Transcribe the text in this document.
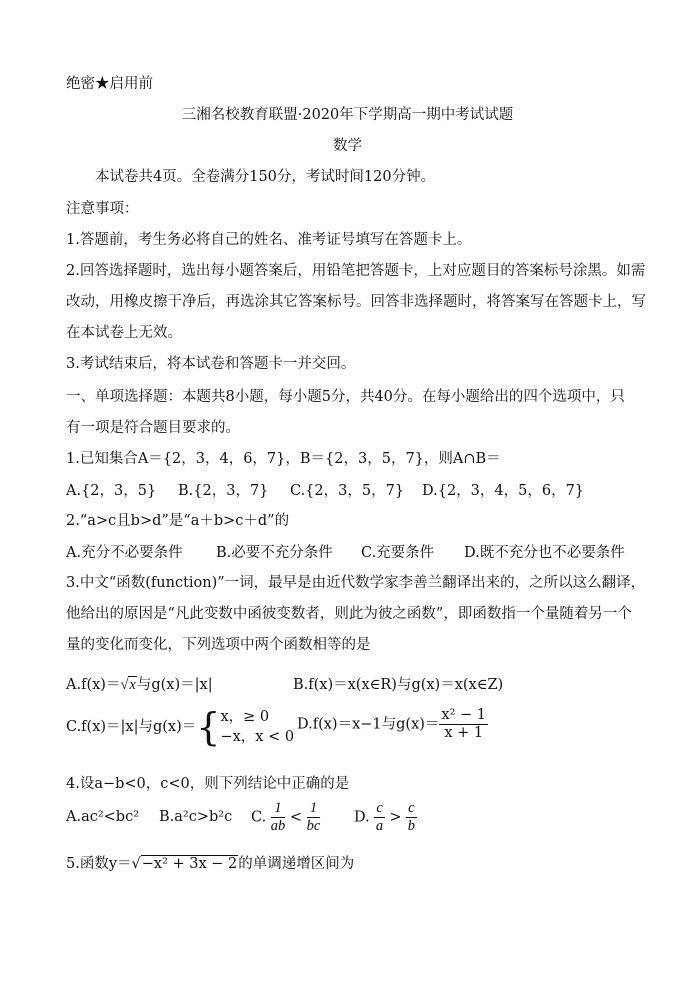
绝密★启用前
三湘名校教育联盟·2020年下学期高一期中考试试题
数学
本试卷共4页。全卷满分150分，考试时间120分钟。
注意事项：
1.答题前，考生务必将自己的姓名、准考证号填写在答题卡上。
2.回答选择题时，选出每小题答案后，用铅笔把答题卡，上对应题目的答案标号涂黑。如需
改动，用橡皮擦干净后，再选涂其它答案标号。回答非选择题时，将答案写在答题卡上，写
在本试卷上无效。
3.考试结束后，将本试卷和答题卡一并交回。
一、单项选择题：本题共8小题，每小题5分，共40分。在每小题给出的四个选项中，只
有一项是符合题目要求的。
1.已知集合A＝{2，3，4，6，7}，B＝{2，3，5，7}，则A∩B＝
A.{2，3，5} B.{2，3，7} C.{2，3，5，7} D.{2，3，4，5，6，7}
2.“a>c且b>d”是“a＋b>c＋d”的
A.充分不必要条件 B.必要不充分条件 C.充要条件 D.既不充分也不必要条件
3.中文“函数(function)”一词，最早是由近代数学家李善兰翻译出来的，之所以这么翻译，
他给出的原因是“凡此变数中函彼变数者，则此为彼之函数”，即函数指一个量随着另一个
量的变化而变化，下列选项中两个函数相等的是
A.f(x)＝√x与g(x)＝|x|	B.f(x)＝x(x∈R)与g(x)＝x(x∈Z)
C.f(x)＝|x|与g(x)＝{ x，≥ 0
−x，x < 0
D.f(x)＝x−1与$g(x)= \frac{\text{x² − 1}}{x + 1}$
4.设a−b<0，c<0，则下列结论中正确的是
A.ac²<bc² B.a²c>b²c C. $\frac{1}{ab} < \frac{1}{bc} D$. $\frac{c}{a} > \frac{c}{b}$
5.函数y＝√−x² + 3x − 2的单调递增区间为
